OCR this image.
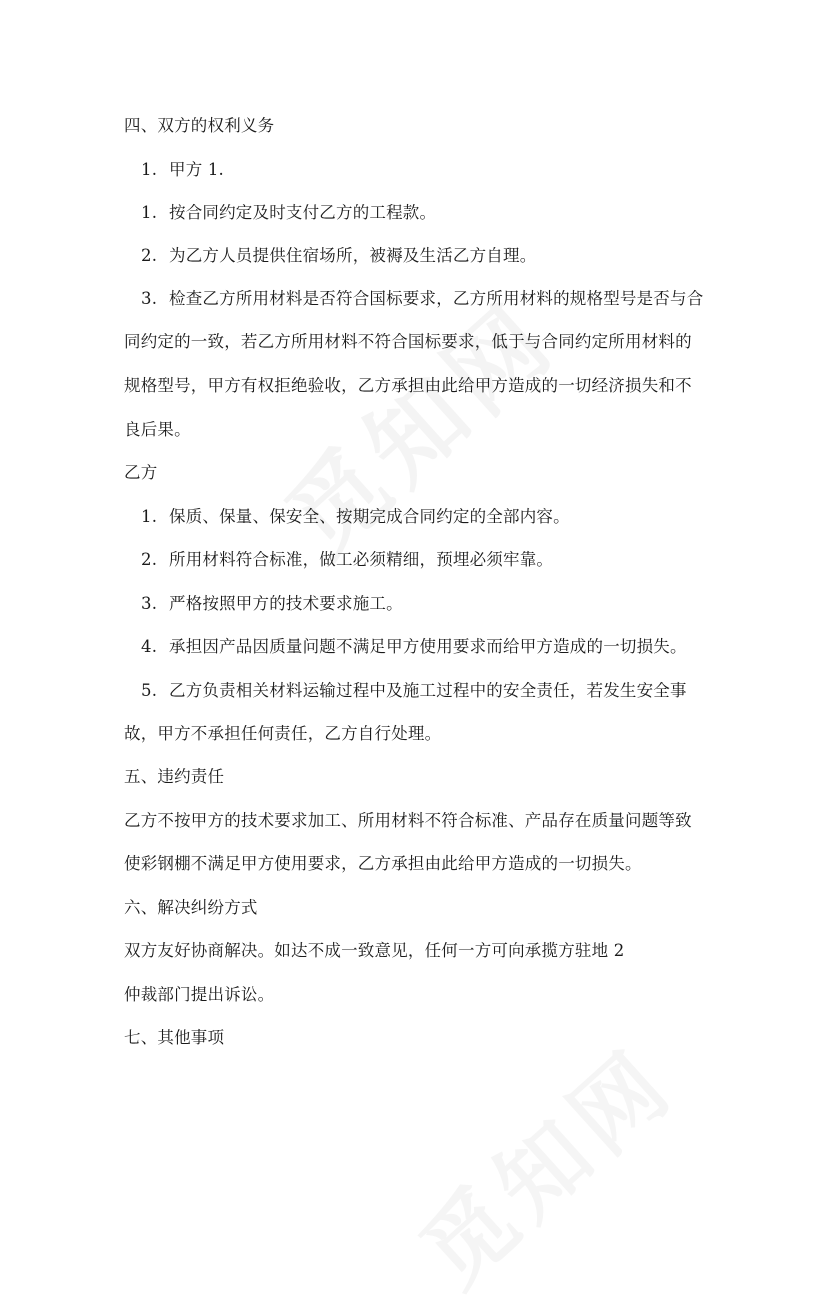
四、双方的权利义务
1. 甲方 1.
1. 按合同约定及时支付乙方的工程款。
2. 为乙方人员提供住宿场所，被褥及生活乙方自理。
3. 检查乙方所用材料是否符合国标要求，乙方所用材料的规格型号是否与合
同约定的一致，若乙方所用材料不符合国标要求，低于与合同约定所用材料的
规格型号，甲方有权拒绝验收，乙方承担由此给甲方造成的一切经济损失和不
良后果。
乙方
1. 保质、保量、保安全、按期完成合同约定的全部内容。
2. 所用材料符合标准，做工必须精细，预埋必须牢靠。
3. 严格按照甲方的技术要求施工。
4. 承担因产品因质量问题不满足甲方使用要求而给甲方造成的一切损失。
5. 乙方负责相关材料运输过程中及施工过程中的安全责任，若发生安全事
故，甲方不承担任何责任，乙方自行处理。
五、违约责任
乙方不按甲方的技术要求加工、所用材料不符合标准、产品存在质量问题等致
使彩钢棚不满足甲方使用要求，乙方承担由此给甲方造成的一切损失。
六、解决纠纷方式
双方友好协商解决。如达不成一致意见，任何一方可向承揽方驻地 2
仲裁部门提出诉讼。
七、其他事项
